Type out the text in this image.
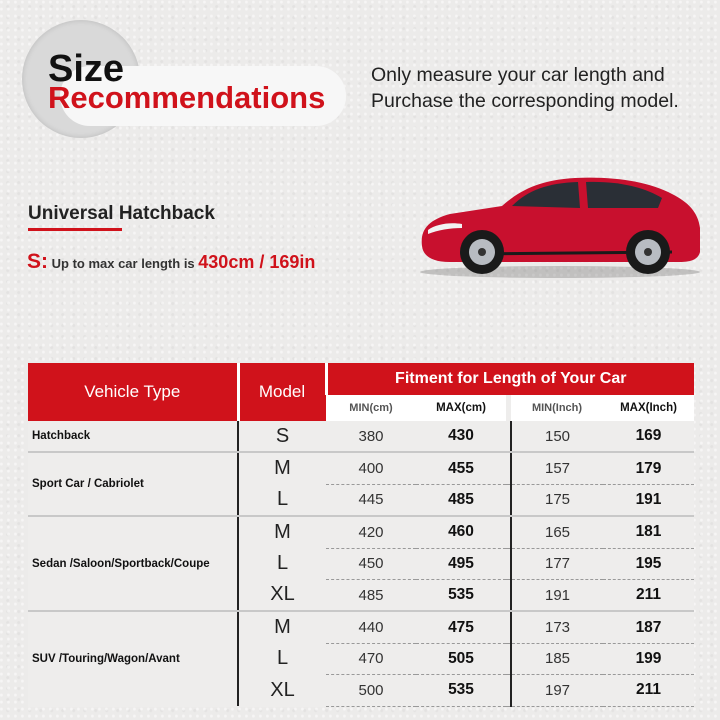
Size
Recommendations
Only measure your car length and
Purchase the corresponding model.
Universal Hatchback
S: Up to max car length is 430cm / 169in
Vehicle Type	Model	Fitment for Length of Your Car				
		MIN(cm)	MAX(cm)		MIN(Inch)	MAX(Inch)
Hatchback	S	380	430		150	169
Sport Car / Cabriolet	M	400	455		157	179
	L	445	485		175	191
Sedan /Saloon/Sportback/Coupe	M	420	460		165	181
	L	450	495		177	195
	XL	485	535		191	211
SUV /Touring/Wagon/Avant	M	440	475		173	187
	L	470	505		185	199
	XL	500	535		197	211
